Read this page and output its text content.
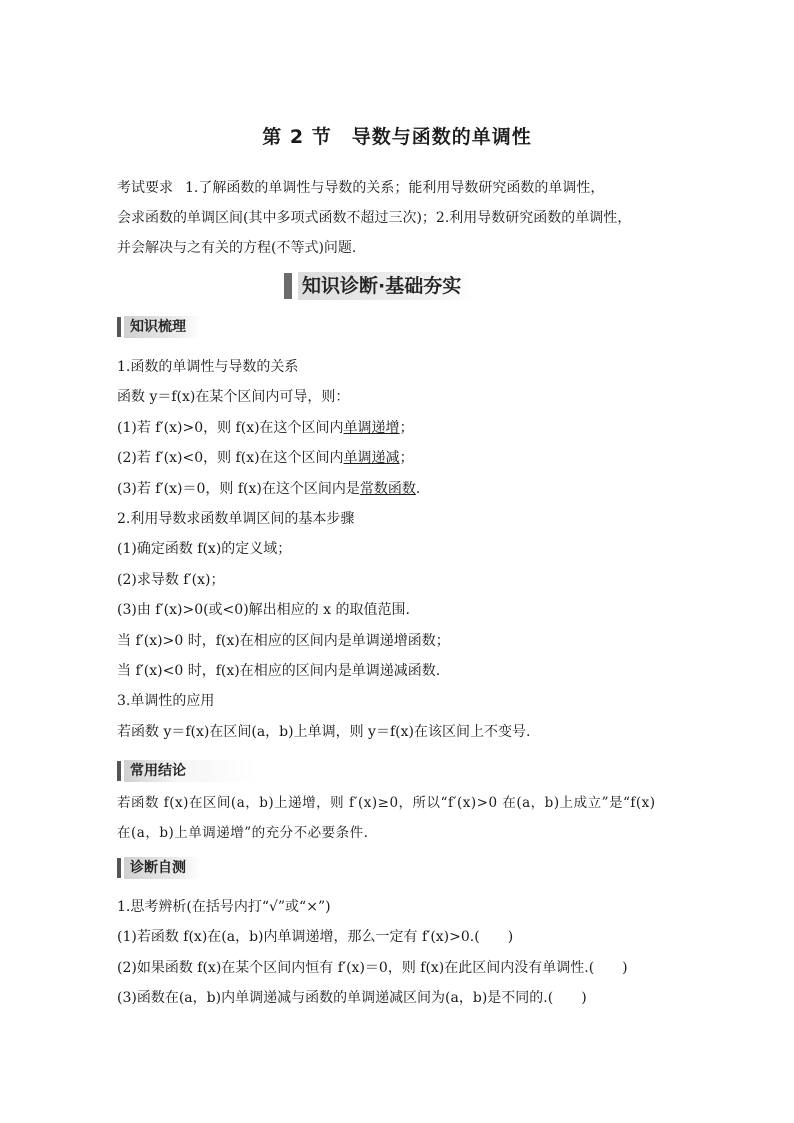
第 2 节　导数与函数的单调性

考试要求 1.了解函数的单调性与导数的关系；能利用导数研究函数的单调性，
会求函数的单调区间(其中多项式函数不超过三次)；2.利用导数研究函数的单调性，
并会解决与之有关的方程(不等式)问题.

知识诊断·基础夯实
知识梳理
1.函数的单调性与导数的关系
函数 y＝f(x)在某个区间内可导，则：
(1)若 f′(x)>0，则 f(x)在这个区间内单调递增；
(2)若 f′(x)<0，则 f(x)在这个区间内单调递减；
(3)若 f′(x)＝0，则 f(x)在这个区间内是常数函数.
2.利用导数求函数单调区间的基本步骤
(1)确定函数 f(x)的定义域；
(2)求导数 f′(x)；
(3)由 f′(x)>0(或<0)解出相应的 x 的取值范围.
当 f′(x)>0 时，f(x)在相应的区间内是单调递增函数；
当 f′(x)<0 时，f(x)在相应的区间内是单调递减函数.
3.单调性的应用
若函数 y＝f(x)在区间(a，b)上单调，则 y＝f(x)在该区间上不变号.
常用结论
若函数 f(x)在区间(a，b)上递增，则 f′(x)≥0，所以“f′(x)>0 在(a，b)上成立”是“f(x)
在(a，b)上单调递增”的充分不必要条件.
诊断自测
1.思考辨析(在括号内打“√”或“×”)
(1)若函数 f(x)在(a，b)内单调递增，那么一定有 f′(x)>0.(　　)
(2)如果函数 f(x)在某个区间内恒有 f′(x)＝0，则 f(x)在此区间内没有单调性.(　　)
(3)函数在(a，b)内单调递减与函数的单调递减区间为(a，b)是不同的.(　　)
